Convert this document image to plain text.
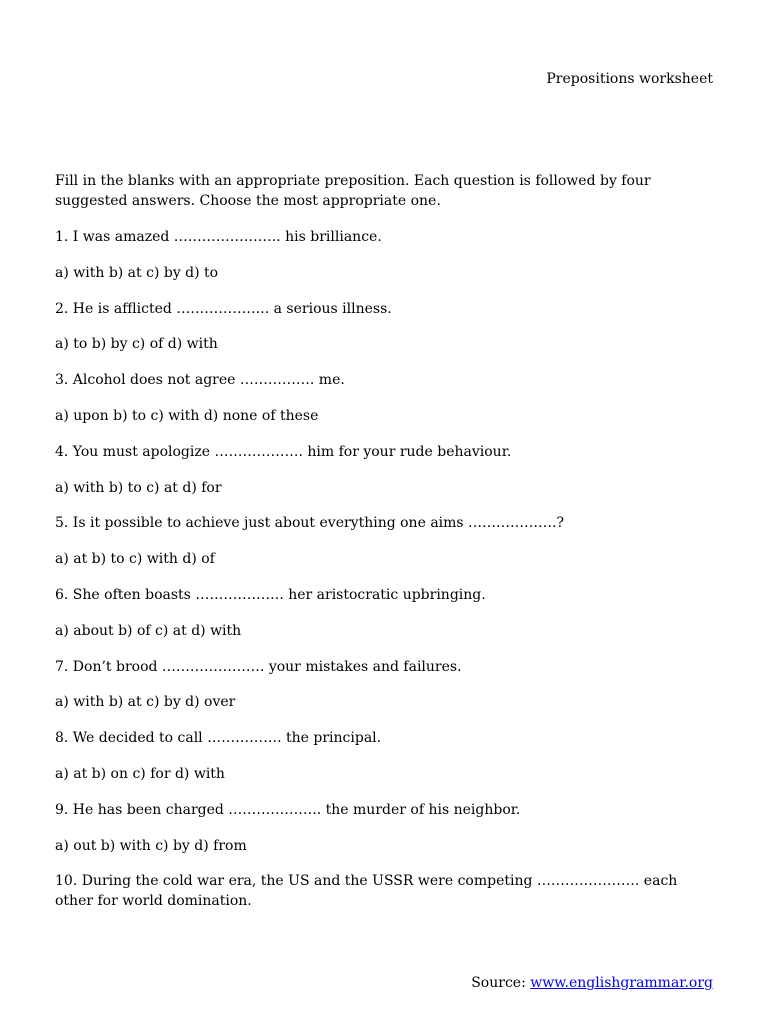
Prepositions worksheet

Fill in the blanks with an appropriate preposition. Each question is followed by four suggested answers. Choose the most appropriate one.

1. I was amazed ………………….. his brilliance.

a) with b) at c) by d) to

2. He is afflicted ……………….. a serious illness.

a) to b) by c) of d) with

3. Alcohol does not agree ……………. me.

a) upon b) to c) with d) none of these

4. You must apologize ………………. him for your rude behaviour.

a) with b) to c) at d) for

5. Is it possible to achieve just about everything one aims ……………….?

a) at b) to c) with d) of

6. She often boasts ………………. her aristocratic upbringing.

a) about b) of c) at d) with

7. Don’t brood …………………. your mistakes and failures.

a) with b) at c) by d) over

8. We decided to call ……………. the principal.

a) at b) on c) for d) with

9. He has been charged ……………….. the murder of his neighbor.

a) out b) with c) by d) from

10. During the cold war era, the US and the USSR were competing …………………. each other for world domination.

Source: www.englishgrammar.org
